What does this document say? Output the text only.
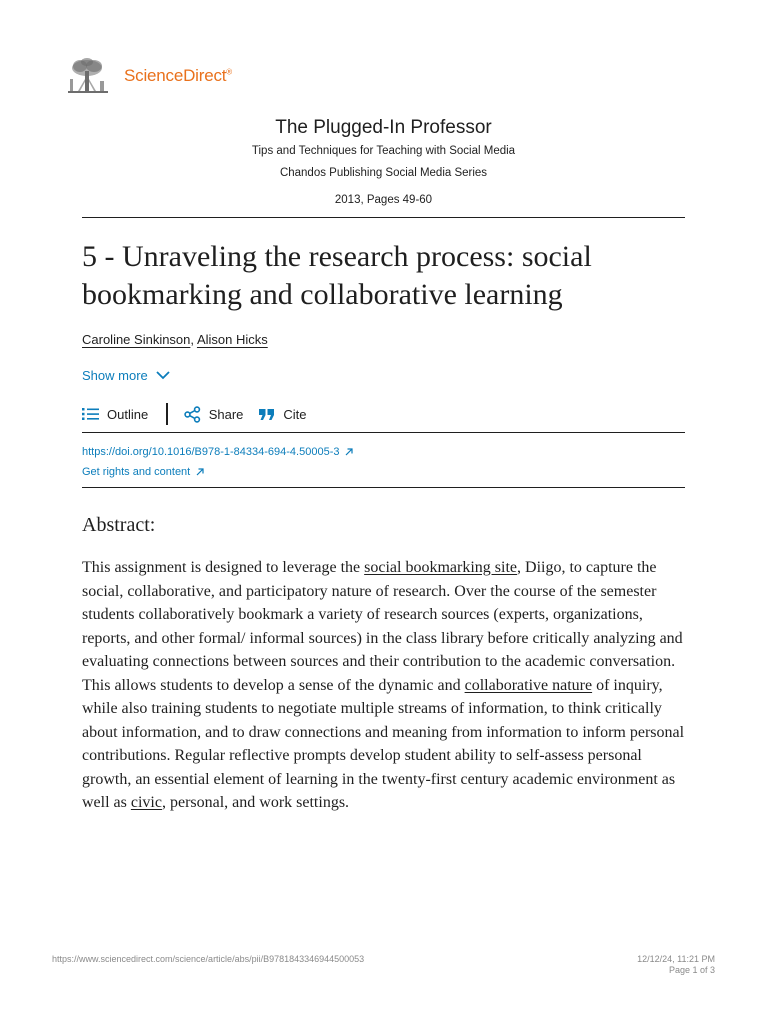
ScienceDirect®
The Plugged-In Professor
Tips and Techniques for Teaching with Social Media
Chandos Publishing Social Media Series
2013, Pages 49-60
5 - Unraveling the research process: social bookmarking and collaborative learning
Caroline Sinkinson, Alison Hicks
Show more
Outline	Share	Cite
https://doi.org/10.1016/B978-1-84334-694-4.50005-3
Get rights and content
Abstract:

This assignment is designed to leverage the social bookmarking site, Diigo, to capture the social, collaborative, and participatory nature of research. Over the course of the semester students collaboratively bookmark a variety of research sources (experts, organizations, reports, and other formal/ informal sources) in the class library before critically analyzing and evaluating connections between sources and their contribution to the academic conversation. This allows students to develop a sense of the dynamic and collaborative nature of inquiry, while also training students to negotiate multiple streams of information, to think critically about information, and to draw connections and meaning from information to inform personal contributions. Regular reflective prompts develop student ability to self-assess personal growth, an essential element of learning in the twenty-first century academic environment as well as civic, personal, and work settings.

https://www.sciencedirect.com/science/article/abs/pii/B9781843346944500053	12/12/24, 11:21 PM
Page 1 of 3
